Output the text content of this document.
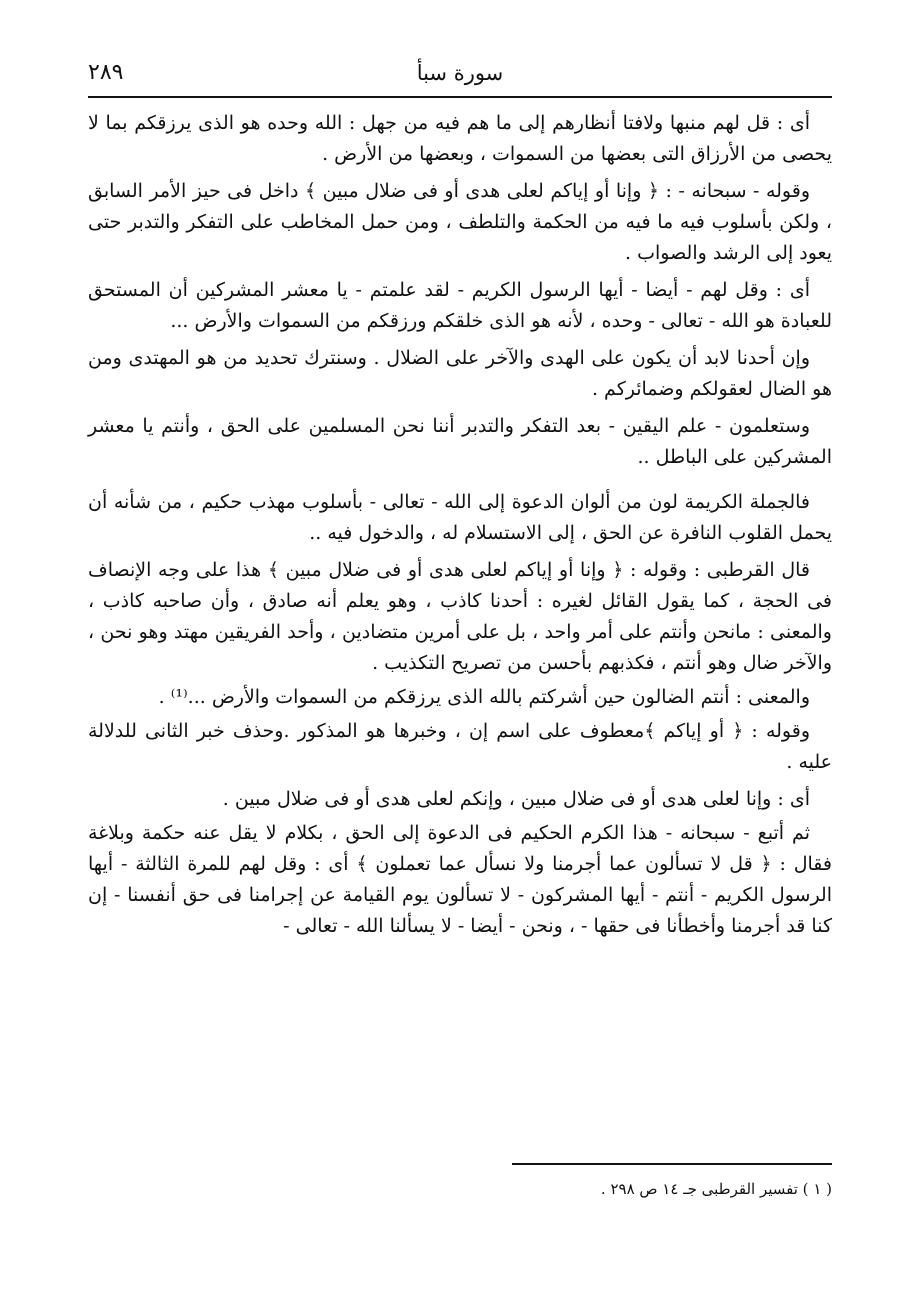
٢٨٩	سورة سبأ

أى : قل لهم منبها ولافتا أنظارهم إلى ما هم فيه من جهل : الله وحده هو الذى يرزقكم بما لا يحصى من الأرزاق التى بعضها من السموات ، وبعضها من الأرض .

وقوله - سبحانه - : ﴿ وإنا أو إياكم لعلى هدى أو فى ضلال مبين ﴾ داخل فى حيز الأمر السابق ، ولكن بأسلوب فيه ما فيه من الحكمة والتلطف ، ومن حمل المخاطب على التفكر والتدبر حتى يعود إلى الرشد والصواب .

أى : وقل لهم - أيضا - أيها الرسول الكريم - لقد علمتم - يا معشر المشركين أن المستحق للعبادة هو الله - تعالى - وحده ، لأنه هو الذى خلقكم ورزقكم من السموات والأرض ...

وإن أحدنا لابد أن يكون على الهدى والآخر على الضلال . وسنترك تحديد من هو المهتدى ومن هو الضال لعقولكم وضمائركم .

وستعلمون - علم اليقين - بعد التفكر والتدبر أننا نحن المسلمين على الحق ، وأنتم يا معشر المشركين على الباطل ..

فالجملة الكريمة لون من ألوان الدعوة إلى الله - تعالى - بأسلوب مهذب حكيم ، من شأنه أن يحمل القلوب النافرة عن الحق ، إلى الاستسلام له ، والدخول فيه ..

قال القرطبى : وقوله : ﴿ وإنا أو إياكم لعلى هدى أو فى ضلال مبين ﴾ هذا على وجه الإنصاف فى الحجة ، كما يقول القائل لغيره : أحدنا كاذب ، وهو يعلم أنه صادق ، وأن صاحبه كاذب ، والمعنى : مانحن وأنتم على أمر واحد ، بل على أمرين متضادين ، وأحد الفريقين مهتد وهو نحن ، والآخر ضال وهو أنتم ، فكذبهم بأحسن من تصريح التكذيب .

والمعنى : أنتم الضالون حين أشركتم بالله الذى يرزقكم من السموات والأرض ...⁽¹⁾ .

وقوله : ﴿ أو إياكم ﴾معطوف على اسم إن ، وخبرها هو المذكور .وحذف خبر الثانى للدلالة عليه .

أى : وإنا لعلى هدى أو فى ضلال مبين ، وإنكم لعلى هدى أو فى ضلال مبين .

ثم أتبع - سبحانه - هذا الكرم الحكيم فى الدعوة إلى الحق ، بكلام لا يقل عنه حكمة وبلاغة فقال : ﴿ قل لا تسألون عما أجرمنا ولا نسأل عما تعملون ﴾ أى : وقل لهم للمرة الثالثة - أيها الرسول الكريم - أنتم - أيها المشركون - لا تسألون يوم القيامة عن إجرامنا فى حق أنفسنا - إن كنا قد أجرمنا وأخطأنا فى حقها - ، ونحن - أيضا - لا يسألنا الله - تعالى -

( ١ ) تفسير القرطبى جـ ١٤ ص ٢٩٨ .
